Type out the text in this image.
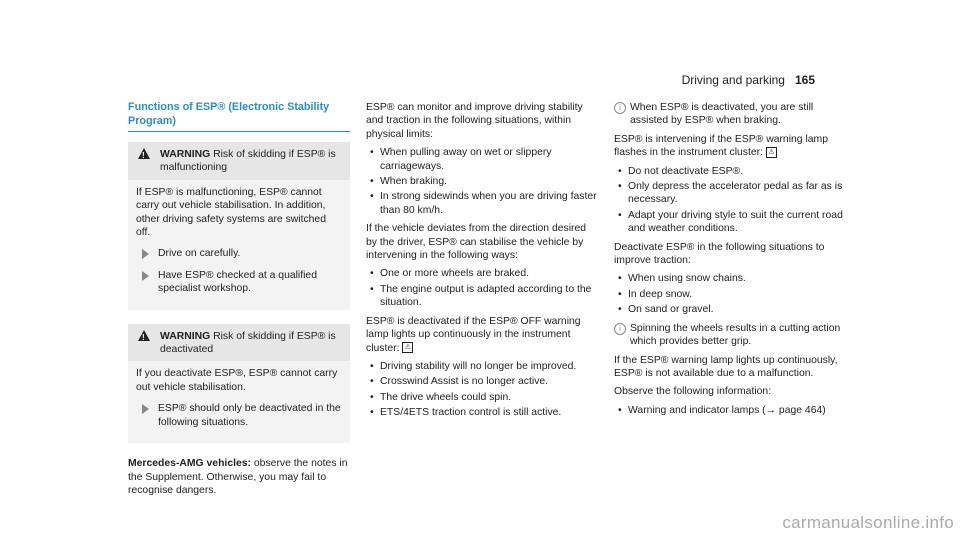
Driving and parking 165
Functions of ESP® (Electronic Stability Program)
!
WARNING Risk of skidding if ESP® is malfunctioning

If ESP® is malfunctioning, ESP® cannot carry out vehicle stabilisation. In addition, other driving safety systems are switched off.

Drive on carefully.
Have ESP® checked at a qualified specialist workshop.
!
WARNING Risk of skidding if ESP® is deactivated

If you deactivate ESP®, ESP® cannot carry out vehicle stabilisation.

ESP® should only be deactivated in the following situations.

Mercedes-AMG vehicles: observe the notes in the Supplement. Otherwise, you may fail to recognise dangers.

ESP® can monitor and improve driving stability and traction in the following situations, within physical limits:

• When pulling away on wet or slippery carriageways.
• When braking.
• In strong sidewinds when you are driving faster than 80 km/h.

If the vehicle deviates from the direction desired by the driver, ESP® can stabilise the vehicle by intervening in the following ways:

• One or more wheels are braked.
• The engine output is adapted according to the situation.

ESP® is deactivated if the ESP® OFF warning lamp lights up continuously in the instrument cluster: ⚠

• Driving stability will no longer be improved.
• Crosswind Assist is no longer active.
• The drive wheels could spin.
• ETS/4ETS traction control is still active.
i When ESP® is deactivated, you are still assisted by ESP® when braking.

ESP® is intervening if the ESP® warning lamp flashes in the instrument cluster: ⚠

• Do not deactivate ESP®.
• Only depress the accelerator pedal as far as is necessary.
• Adapt your driving style to suit the current road and weather conditions.

Deactivate ESP® in the following situations to improve traction:

• When using snow chains.
• In deep snow.
• On sand or gravel.
i Spinning the wheels results in a cutting action which provides better grip.

If the ESP® warning lamp lights up continuously, ESP® is not available due to a malfunction.

Observe the following information:

• Warning and indicator lamps (→ page 464)
carmanualsonline.info
